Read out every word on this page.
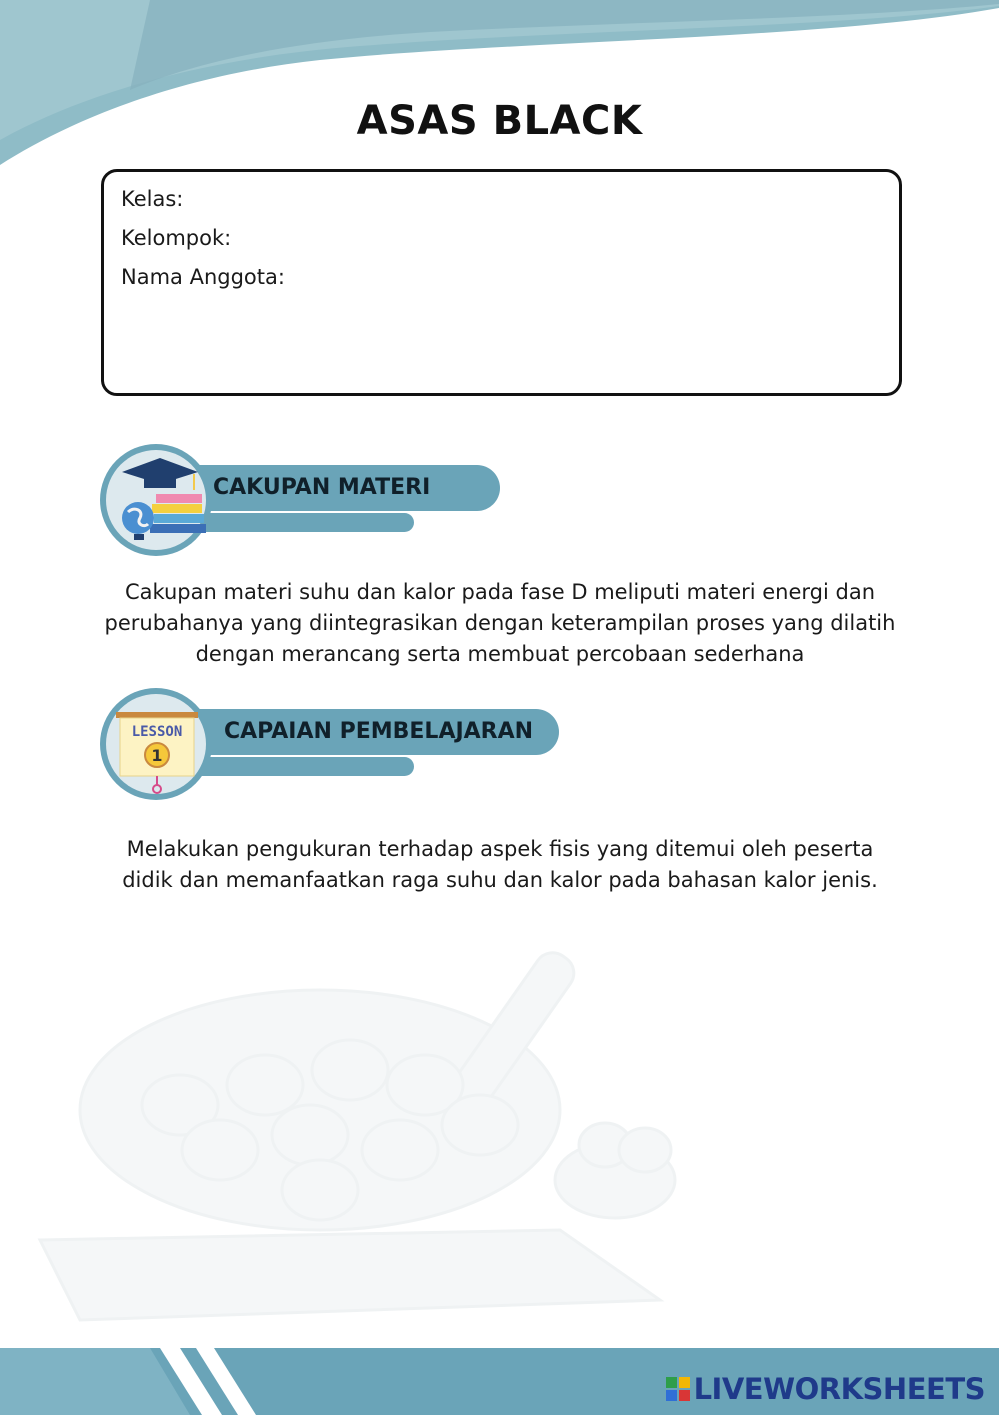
ASAS BLACK
Kelas:
Kelompok:
Nama Anggota:
CAKUPAN MATERI
Cakupan materi suhu dan kalor pada fase D meliputi materi energi dan perubahanya yang diintegrasikan dengan keterampilan proses yang dilatih dengan merancang serta membuat percobaan sederhana
LESSON
1
CAPAIAN PEMBELAJARAN
Melakukan pengukuran terhadap aspek fisis yang ditemui oleh peserta didik dan memanfaatkan raga suhu dan kalor pada bahasan kalor jenis.
LIVEWORKSHEETS
